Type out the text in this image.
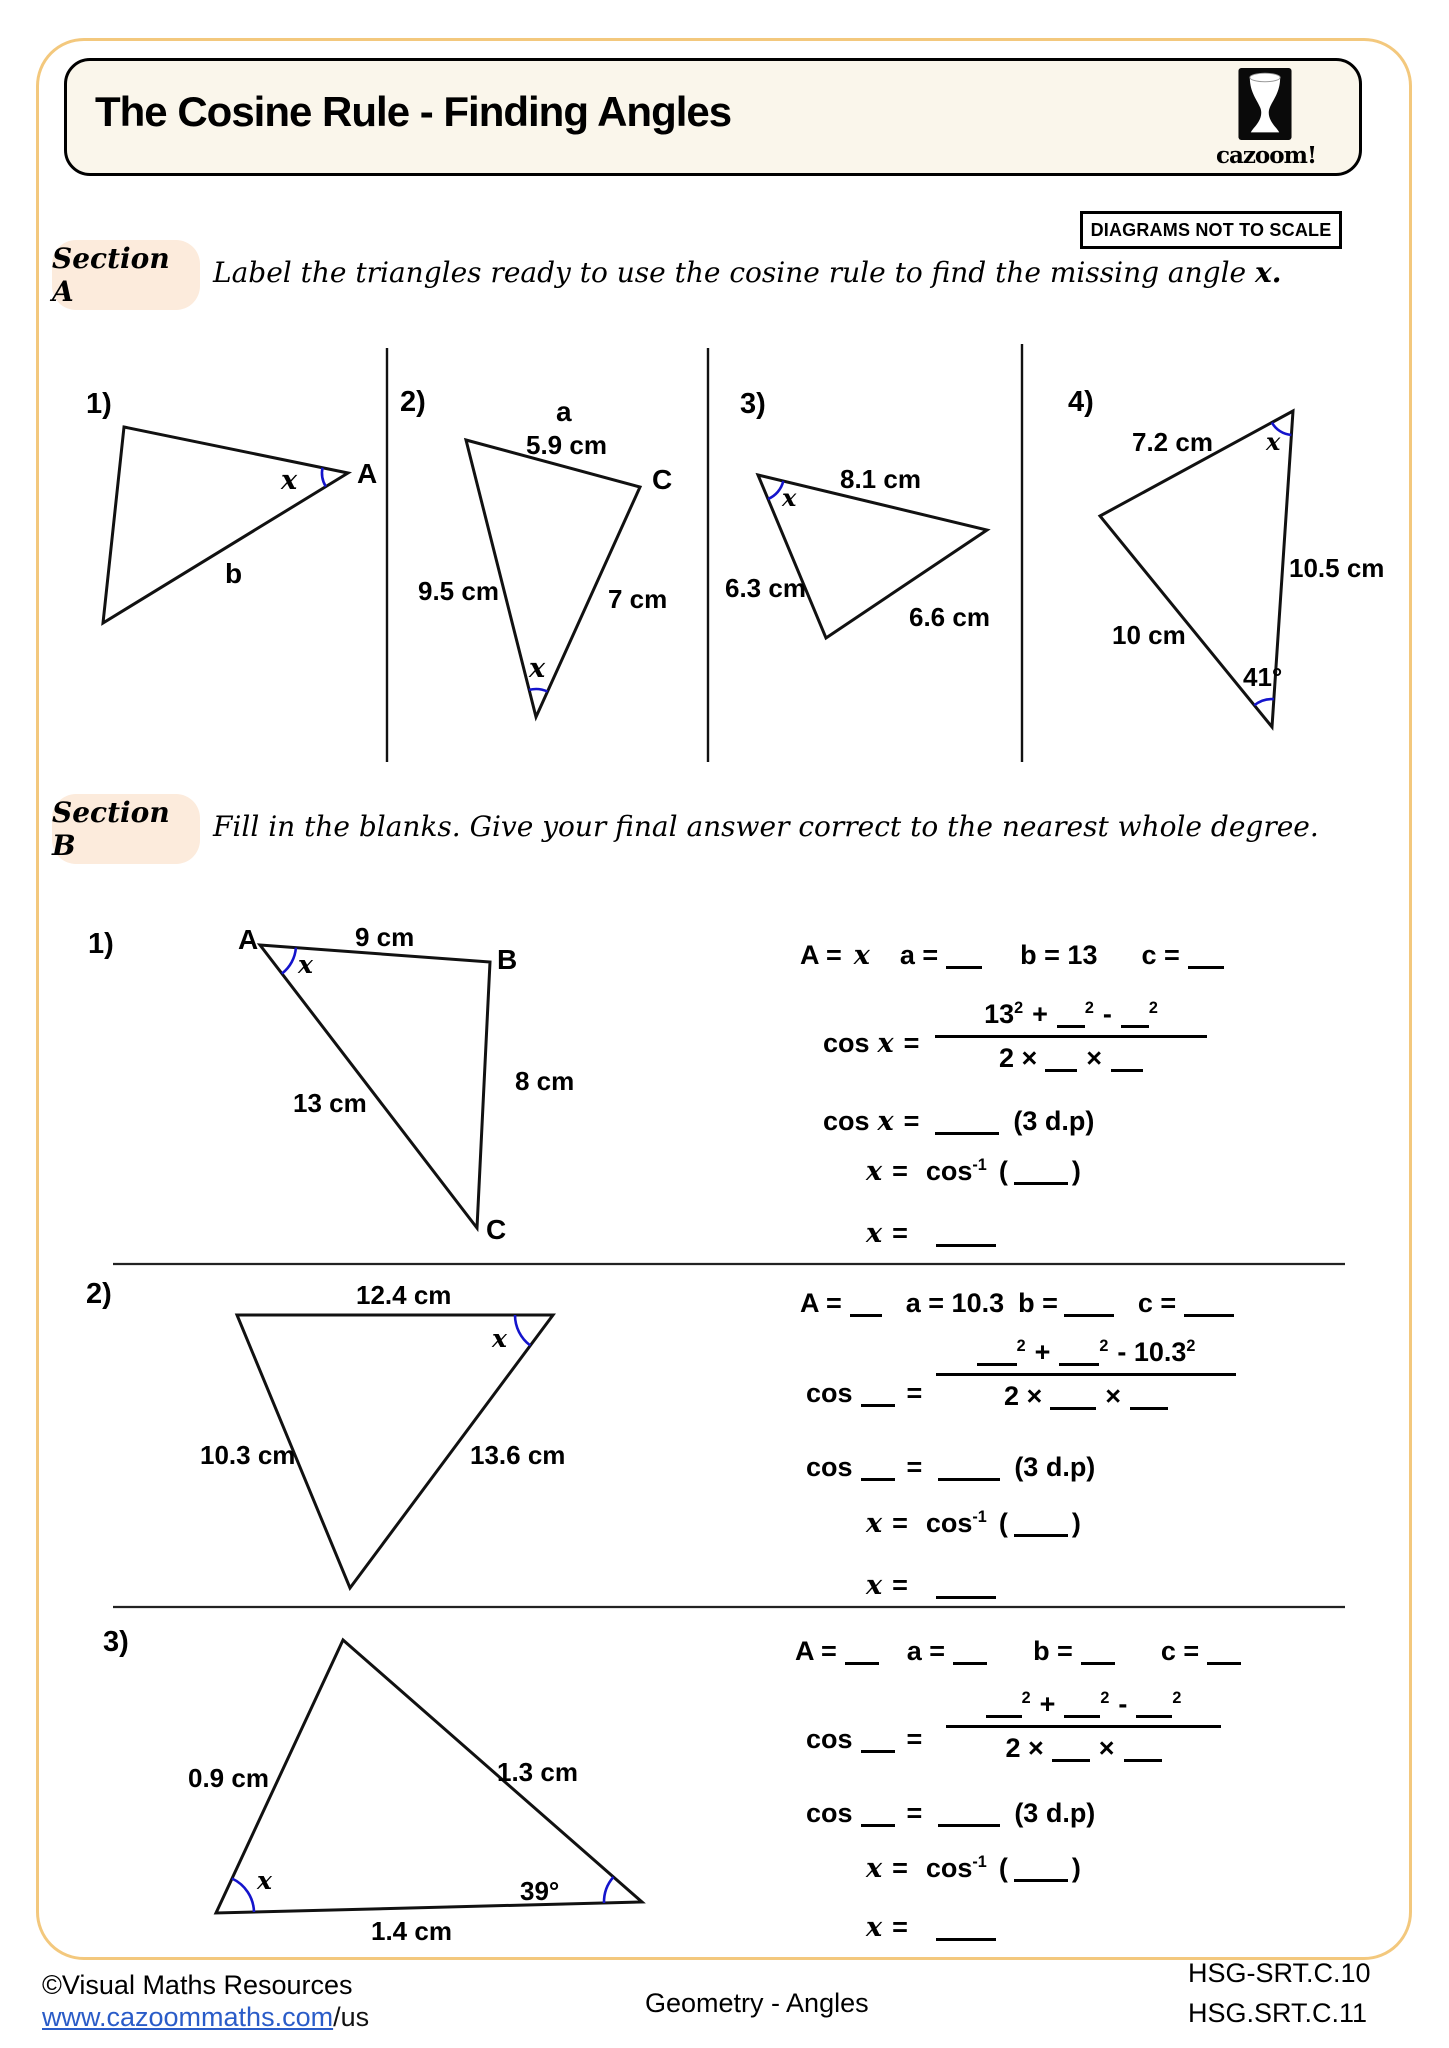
The Cosine Rule - Finding Angles
cazoom!
DIAGRAMS NOT TO SCALE
Section A
Label the triangles ready to use the cosine rule to find the missing angle x.
1)
x A
b
2)	a
5.9 cm
C
9.5 cm	7 cm
x
3)
8.1 cm
x
6.3 cm
6.6 cm
4)
7.2 cm x
10.5 cm
10 cm
41°
Section B
Fill in the blanks. Give your final answer correct to the nearest whole degree.
1)	A	9 cm
B
x
13 cm
8 cm
C
A = x a =	b = 13 c =
cos x =
$13^2 + ^2 - ^2$
2 × ×
cos x =	(3 d.p)
$x = \cos^{-1}$ ( )
x =
2)	12.4 cm
x
10.3 cm	13.6 cm
A = a = 10.3 b =	c =
cos =
$^2$ +	$^2$ - 10.3$^2$
2 × ×
cos =	(3 d.p)
$x = \cos^{-1}$ ( )
x =
3)
0.9 cm	1.3 cm
x	39°
1.4 cm
A =	a =	b =	c =
cos =
$^2$ +	$^2$ -	$^2$
2 × ×
cos =	(3 d.p)
$x = \cos^{-1}$ ( )
x =
©Visual Maths Resources
www.cazoommaths.com/us	Geometry - Angles
HSG-SRT.C.10
HSG.SRT.C.11
